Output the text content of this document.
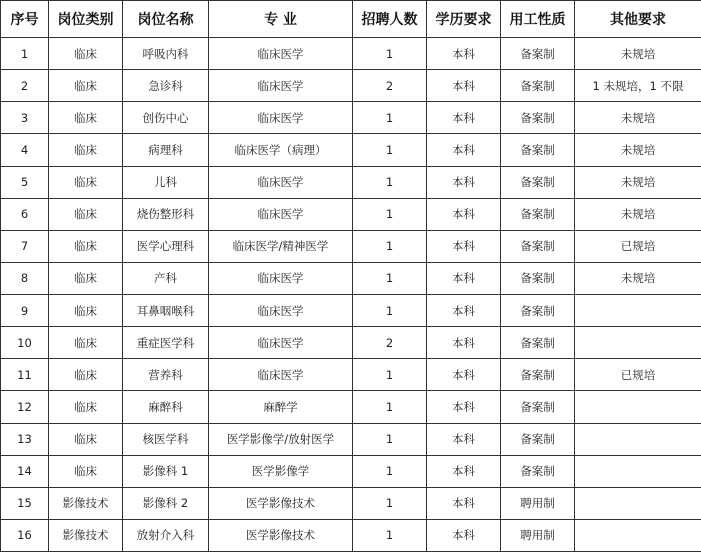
序号	岗位类别	岗位名称	专 业	招聘人数	学历要求	用工性质	其他要求
1	临床	呼吸内科	临床医学	1	本科	备案制	未规培
2	临床	急诊科	临床医学	2	本科	备案制	1 未规培，1 不限
3	临床	创伤中心	临床医学	1	本科	备案制	未规培
4	临床	病理科	临床医学（病理）	1	本科	备案制	未规培
5	临床	儿科	临床医学	1	本科	备案制	未规培
6	临床	烧伤整形科	临床医学	1	本科	备案制	未规培
7	临床	医学心理科	临床医学/精神医学	1	本科	备案制	已规培
8	临床	产科	临床医学	1	本科	备案制	未规培
9	临床	耳鼻咽喉科	临床医学	1	本科	备案制	
10	临床	重症医学科	临床医学	2	本科	备案制	
11	临床	营养科	临床医学	1	本科	备案制	已规培
12	临床	麻醉科	麻醉学	1	本科	备案制	
13	临床	核医学科	医学影像学/放射医学	1	本科	备案制	
14	临床	影像科 1	医学影像学	1	本科	备案制	
15	影像技术	影像科 2	医学影像技术	1	本科	聘用制	
16	影像技术	放射介入科	医学影像技术	1	本科	聘用制	
